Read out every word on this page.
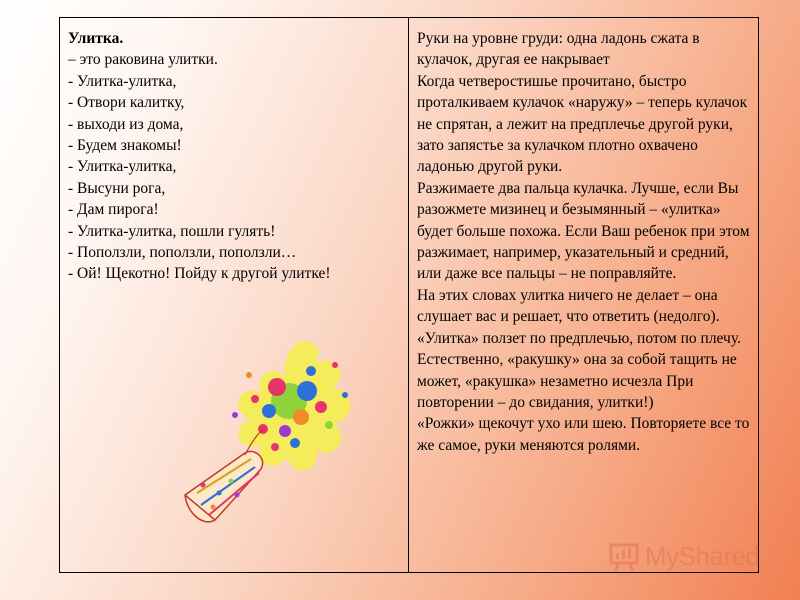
Улитка.
– это раковина улитки.
- Улитка-улитка,
- Отвори калитку,
- выходи из дома,
- Будем знакомы!
- Улитка-улитка,
- Высуни рога,
- Дам пирога!
- Улитка-улитка, пошли гулять!
- Поползли, поползли, поползли…
- Ой! Щекотно! Пойду к другой улитке!
Руки на уровне груди: одна ладонь сжата в кулачок, другая ее накрывает
Когда четверостишье прочитано, быстро проталкиваем кулачок «наружу» – теперь кулачок не спрятан, а лежит на предплечье другой руки, зато запястье за кулачком плотно охвачено ладонью другой руки.
Разжимаете два пальца кулачка. Лучше, если Вы разожмете мизинец и безымянный – «улитка» будет больше похожа. Если Ваш ребенок при этом разжимает, например, указательный и средний, или даже все пальцы – не поправляйте.
На этих словах улитка ничего не делает – она слушает вас и решает, что ответить (недолго).
«Улитка» ползет по предплечью, потом по плечу. Естественно, «ракушку» она за собой тащить не может, «ракушка» незаметно исчезла При повторении – до свидания, улитки!)
«Рожки» щекочут ухо или шею. Повторяете все то же самое, руки меняются ролями.
MyShared
